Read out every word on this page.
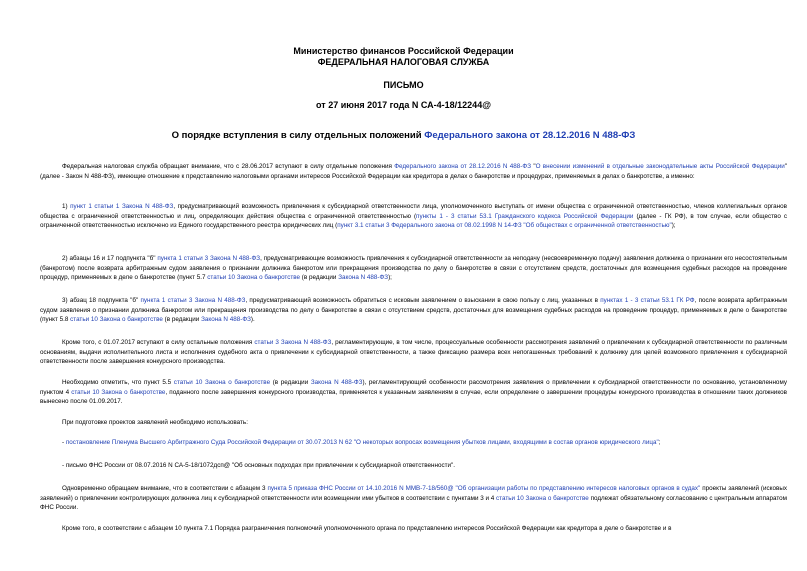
Министерство финансов Российской Федерации
ФЕДЕРАЛЬНАЯ НАЛОГОВАЯ СЛУЖБА
ПИСЬМО
от 27 июня 2017 года N СА-4-18/12244@
О порядке вступления в силу отдельных положений Федерального закона от 28.12.2016 N 488-ФЗ
Федеральная налоговая служба обращает внимание, что с 28.06.2017 вступают в силу отдельные положения Федерального закона от 28.12.2016 N 488-ФЗ "О внесении изменений в отдельные законодательные акты Российской Федерации" (далее - Закон N 488-ФЗ), имеющие отношение к представлению налоговыми органами интересов Российской Федерации как кредитора в делах о банкротстве и процедурах, применяемых в делах о банкротстве, а именно:
1) пункт 1 статьи 1 Закона N 488-ФЗ, предусматривающий возможность привлечения к субсидиарной ответственности лица, уполномоченного выступать от имени общества с ограниченной ответственностью, членов коллегиальных органов общества с ограниченной ответственностью и лиц, определяющих действия общества с ограниченной ответственностью (пункты 1 - 3 статьи 53.1 Гражданского кодекса Российской Федерации (далее - ГК РФ), в том случае, если общество с ограниченной ответственностью исключено из Единого государственного реестра юридических лиц (пункт 3.1 статьи 3 Федерального закона от 08.02.1998 N 14-ФЗ "Об обществах с ограниченной ответственностью");
2) абзацы 16 и 17 подпункта "б" пункта 1 статьи 3 Закона N 488-ФЗ, предусматривающие возможность привлечения к субсидиарной ответственности за неподачу (несвоевременную подачу) заявления должника о признании его несостоятельным (банкротом) после возврата арбитражным судом заявления о признании должника банкротом или прекращения производства по делу о банкротстве в связи с отсутствием средств, достаточных для возмещения судебных расходов на проведение процедур, применяемых в деле о банкротстве (пункт 5.7 статьи 10 Закона о банкротстве (в редакции Закона N 488-ФЗ);
3) абзац 18 подпункта "б" пункта 1 статьи 3 Закона N 488-ФЗ, предусматривающий возможность обратиться с исковым заявлением о взыскании в свою пользу с лиц, указанных в пунктах 1 - 3 статьи 53.1 ГК РФ, после возврата арбитражным судом заявления о признании должника банкротом или прекращения производства по делу о банкротстве в связи с отсутствием средств, достаточных для возмещения судебных расходов на проведение процедур, применяемых в деле о банкротстве (пункт 5.8 статьи 10 Закона о банкротстве (в редакции Закона N 488-ФЗ).
Кроме того, с 01.07.2017 вступают в силу остальные положения статьи 3 Закона N 488-ФЗ, регламентирующие, в том числе, процессуальные особенности рассмотрения заявлений о привлечении к субсидиарной ответственности по различным основаниям, выдачи исполнительного листа и исполнения судебного акта о привлечении к субсидиарной ответственности, а также фиксацию размера всех непогашенных требований к должнику для целей возможного привлечения к субсидиарной ответственности после завершения конкурсного производства.
Необходимо отметить, что пункт 5.5 статьи 10 Закона о банкротстве (в редакции Закона N 488-ФЗ), регламентирующий особенности рассмотрения заявления о привлечении к субсидиарной ответственности по основанию, установленному пунктом 4 статьи 10 Закона о банкротстве, поданного после завершения конкурсного производства, применяется к указанным заявлениям в случае, если определение о завершении процедуры конкурсного производства в отношении таких должников вынесено после 01.09.2017.
При подготовке проектов заявлений необходимо использовать:
- постановление Пленума Высшего Арбитражного Суда Российской Федерации от 30.07.2013 N 62 "О некоторых вопросах возмещения убытков лицами, входящими в состав органов юридического лица";
- письмо ФНС России от 08.07.2016 N СА-5-18/1072дсп@ "Об основных подходах при привлечении к субсидиарной ответственности".
Одновременно обращаем внимание, что в соответствии с абзацем 3 пункта 5 приказа ФНС России от 14.10.2016 N ММВ-7-18/560@ "Об организации работы по представлению интересов налоговых органов в судах" проекты заявлений (исковых заявлений) о привлечении контролирующих должника лиц к субсидиарной ответственности или возмещении ими убытков в соответствии с пунктами 3 и 4 статьи 10 Закона о банкротстве подлежат обязательному согласованию с центральным аппаратом ФНС России.
Кроме того, в соответствии с абзацем 10 пункта 7.1 Порядка разграничения полномочий уполномоченного органа по представлению интересов Российской Федерации как кредитора в деле о банкротстве и в
